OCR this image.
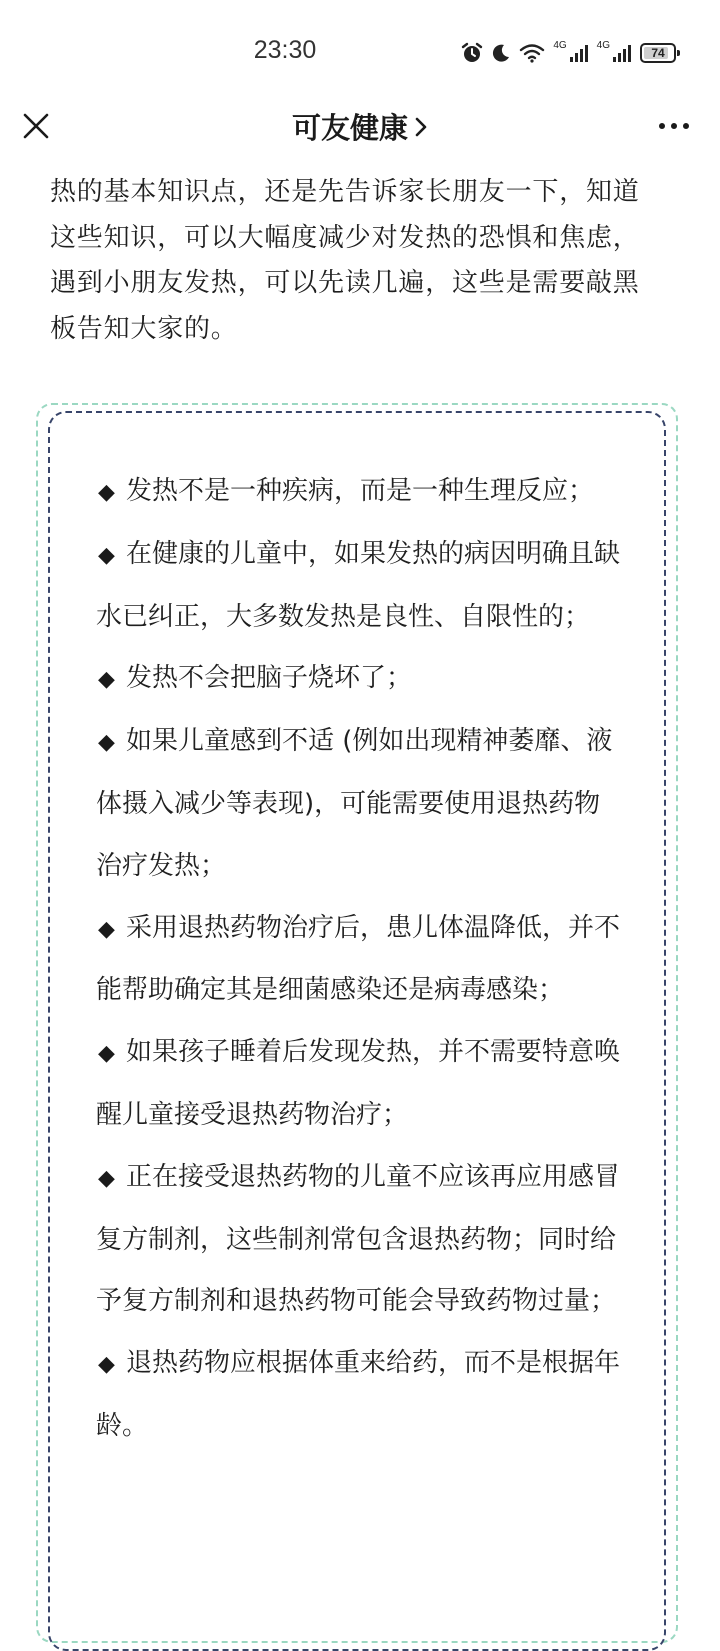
23:30	4G	4G
74
可友健康

热的基本知识点，还是先告诉家长朋友一下，知道

这些知识，可以大幅度减少对发热的恐惧和焦虑，

遇到小朋友发热，可以先读几遍，这些是需要敲黑

板告知大家的。

◆ 发热不是一种疾病，而是一种生理反应；
◆ 在健康的儿童中，如果发热的病因明确且缺水已纠正，大多数发热是良性、自限性的；
◆ 发热不会把脑子烧坏了；
◆ 如果儿童感到不适 (例如出现精神萎靡、液体摄入减少等表现)，可能需要使用退热药物治疗发热；
◆ 采用退热药物治疗后，患儿体温降低，并不能帮助确定其是细菌感染还是病毒感染；
◆ 如果孩子睡着后发现发热，并不需要特意唤醒儿童接受退热药物治疗；
◆ 正在接受退热药物的儿童不应该再应用感冒复方制剂，这些制剂常包含退热药物；同时给予复方制剂和退热药物可能会导致药物过量；
◆ 退热药物应根据体重来给药，而不是根据年龄。
